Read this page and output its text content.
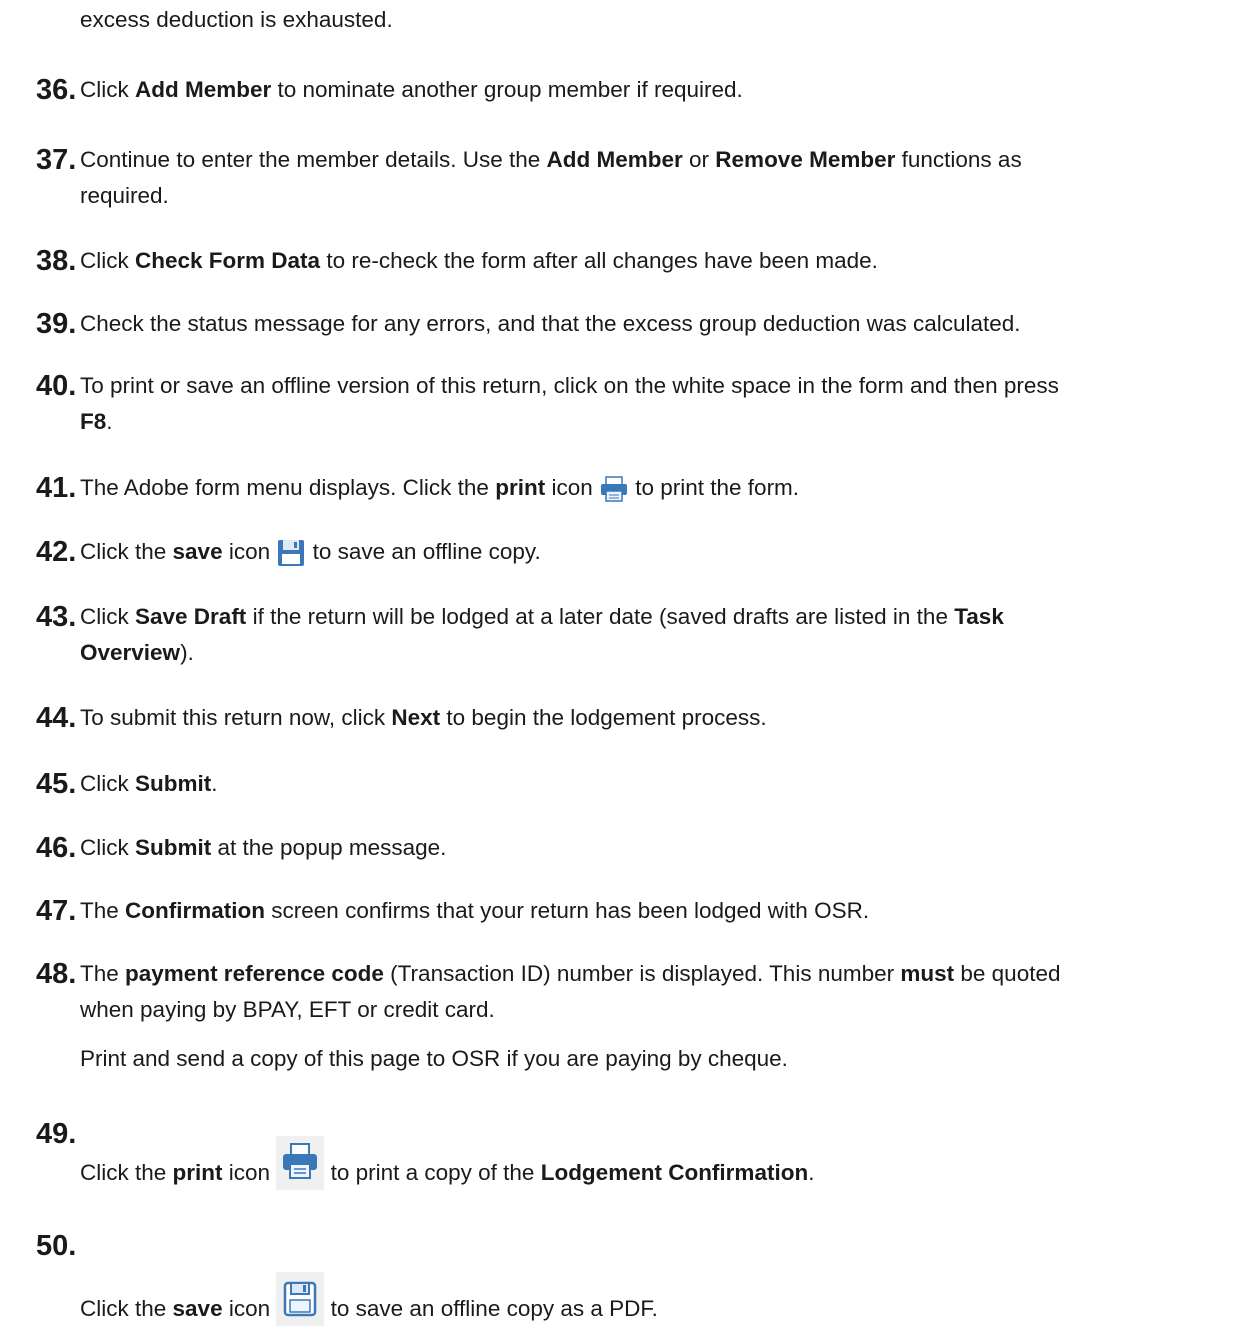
excess deduction is exhausted.
36. Click Add Member to nominate another group member if required.
37. Continue to enter the member details. Use the Add Member or Remove Member functions as
required.
38. Click Check Form Data to re-check the form after all changes have been made.
39. Check the status message for any errors, and that the excess group deduction was calculated.
40. To print or save an offline version of this return, click on the white space in the form and then press
F8.
41. The Adobe form menu displays. Click the print icon
to print the form.
42. Click the save icon
to save an offline copy.
43. Click Save Draft if the return will be lodged at a later date (saved drafts are listed in the Task
Overview).
44. To submit this return now, click Next to begin the lodgement process.
45. Click Submit.
46. Click Submit at the popup message.
47. The Confirmation screen confirms that your return has been lodged with OSR.
48. The payment reference code (Transaction ID) number is displayed. This number must be quoted
when paying by BPAY, EFT or credit card.
Print and send a copy of this page to OSR if you are paying by cheque.
49.
Click the print icon
to print a copy of the Lodgement Confirmation.
50.
Click the save icon
to save an offline copy as a PDF.
